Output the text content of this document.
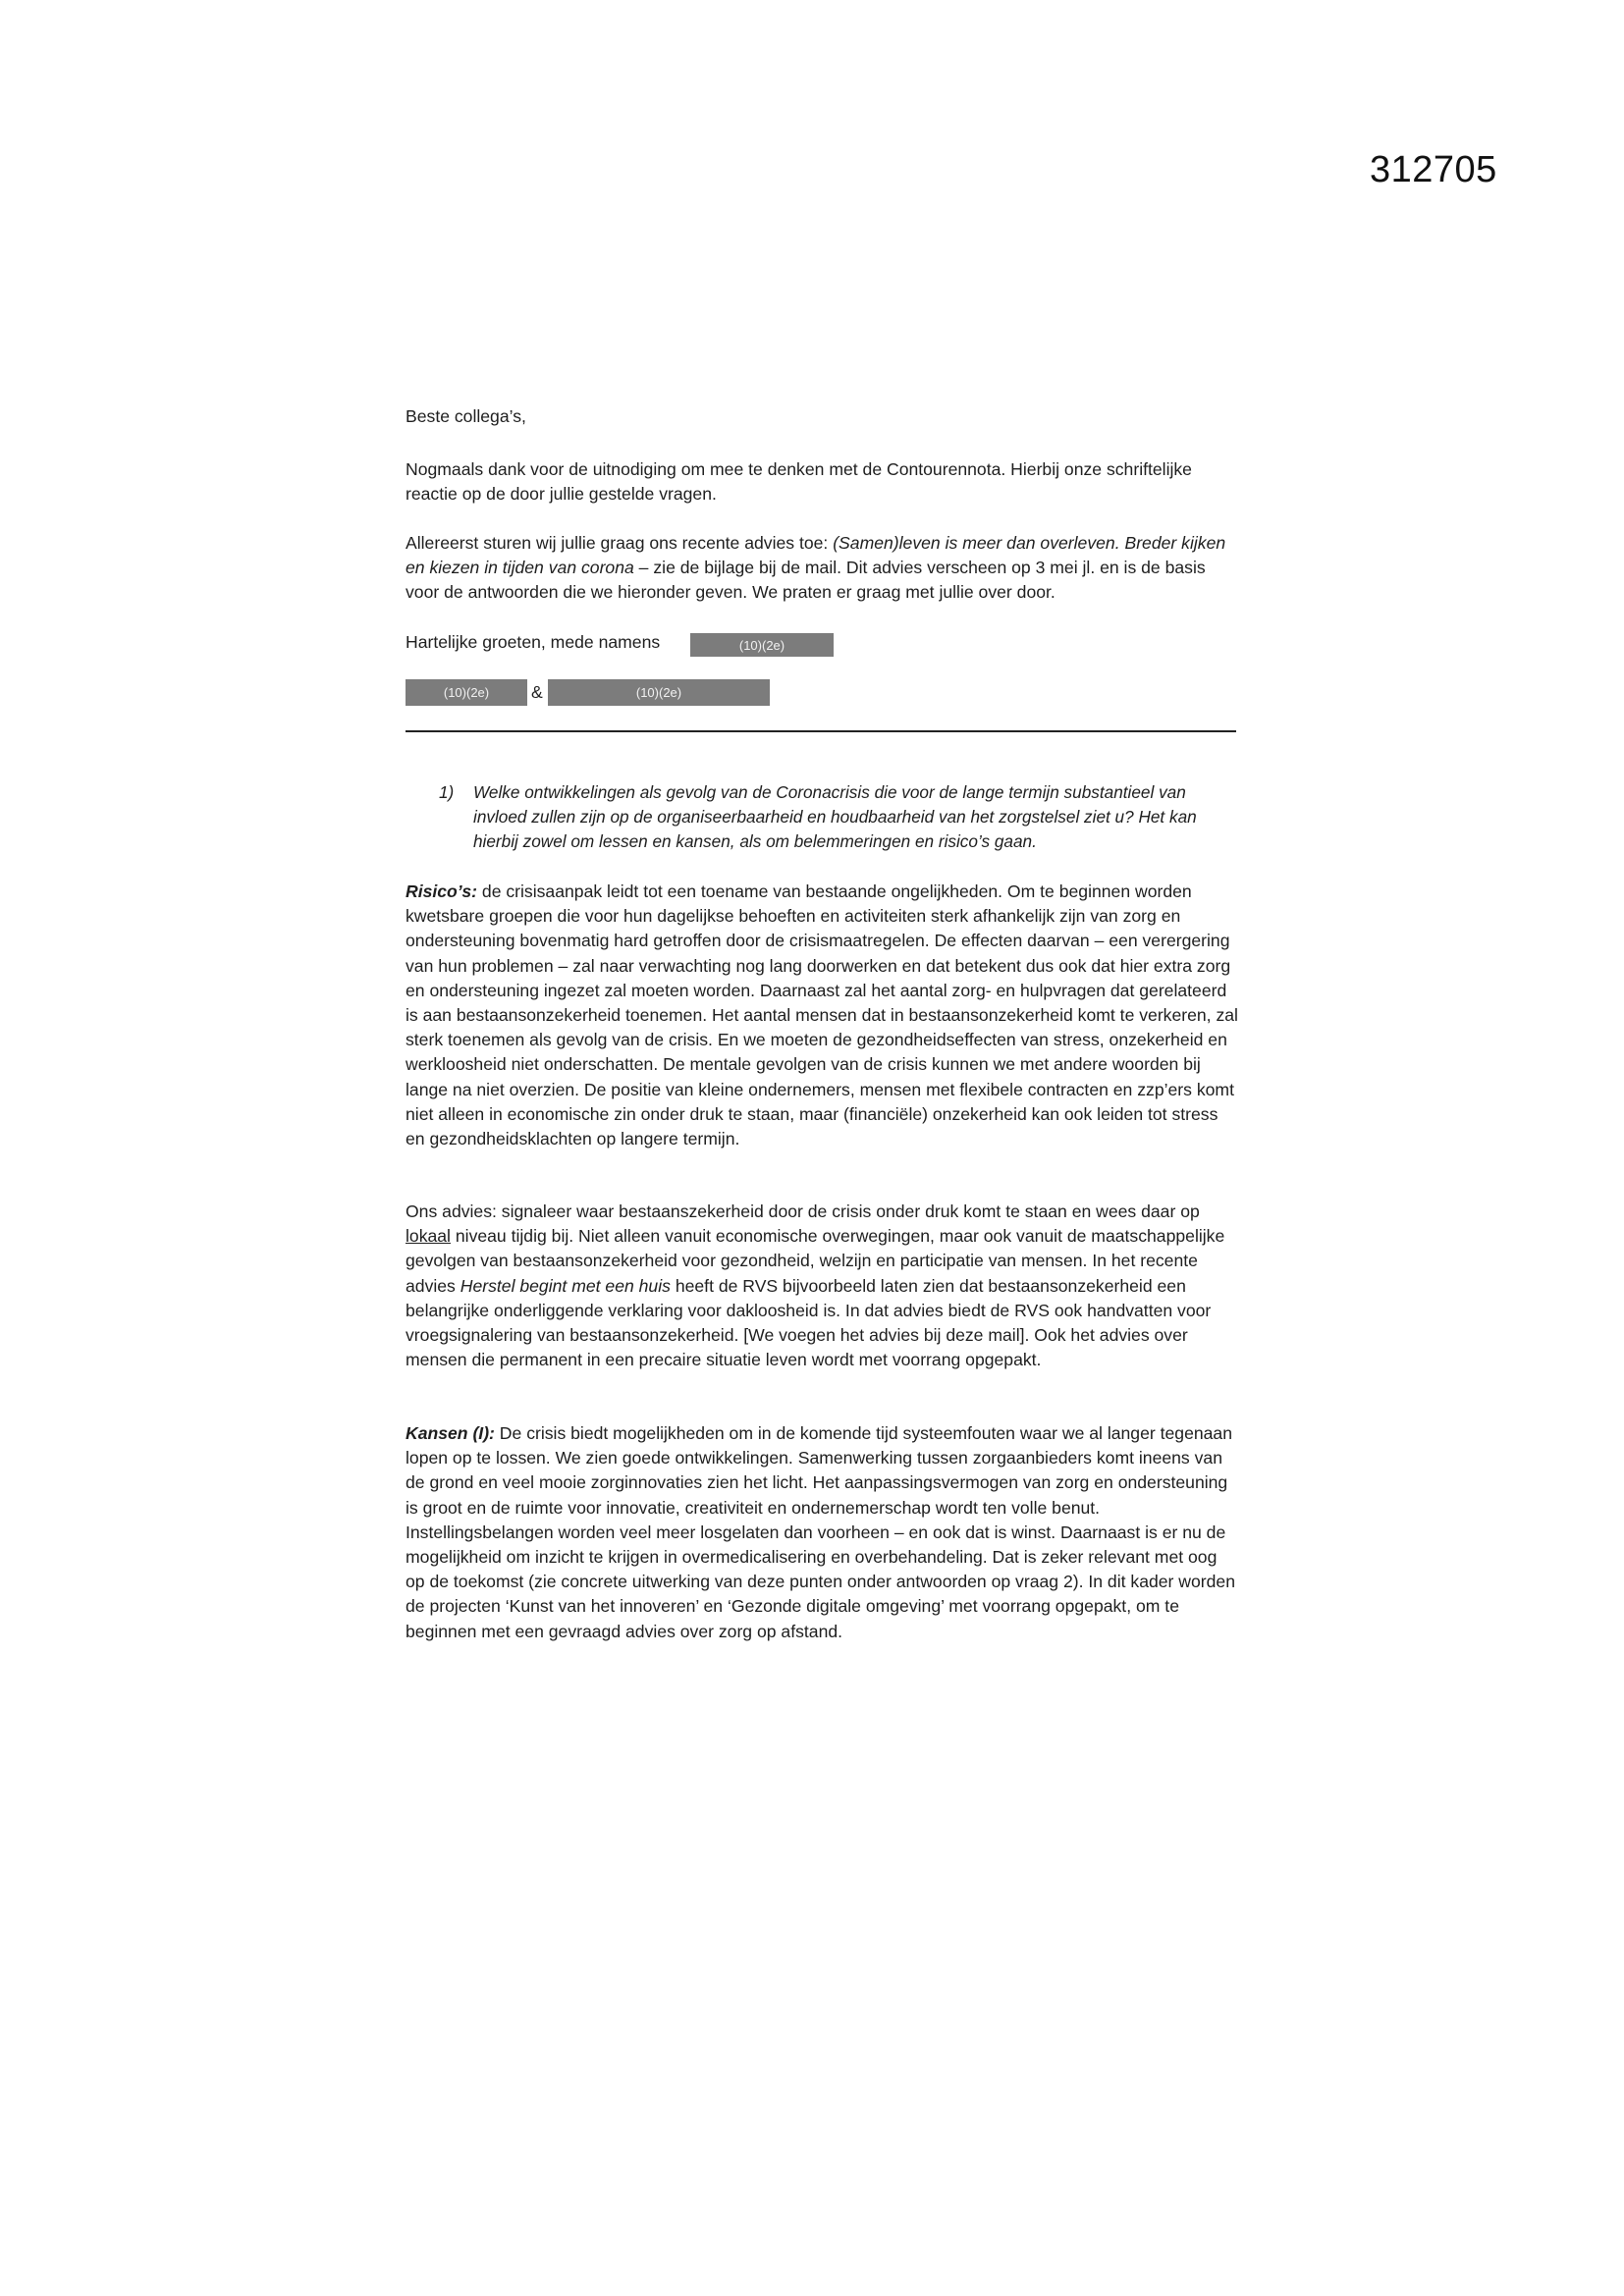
312705

Beste collega’s,

Nogmaals dank voor de uitnodiging om mee te denken met de Contourennota. Hierbij onze schriftelijke reactie op de door jullie gestelde vragen.

Allereerst sturen wij jullie graag ons recente advies toe: (Samen)leven is meer dan overleven. Breder kijken en kiezen in tijden van corona – zie de bijlage bij de mail. Dit advies verscheen op 3 mei jl. en is de basis voor de antwoorden die we hieronder geven. We praten er graag met jullie over door.

Hartelijke groeten, mede namens	(10)(2e)
(10)(2e)	&	(10)(2e)
1)	Welke ontwikkelingen als gevolg van de Coronacrisis die voor de lange termijn substantieel van invloed zullen zijn op de organiseerbaarheid en houdbaarheid van het zorgstelsel ziet u? Het kan hierbij zowel om lessen en kansen, als om belemmeringen en risico’s gaan.

Risico’s: de crisisaanpak leidt tot een toename van bestaande ongelijkheden. Om te beginnen worden kwetsbare groepen die voor hun dagelijkse behoeften en activiteiten sterk afhankelijk zijn van zorg en ondersteuning bovenmatig hard getroffen door de crisismaatregelen. De effecten daarvan – een verergering van hun problemen – zal naar verwachting nog lang doorwerken en dat betekent dus ook dat hier extra zorg en ondersteuning ingezet zal moeten worden. Daarnaast zal het aantal zorg- en hulpvragen dat gerelateerd is aan bestaansonzekerheid toenemen. Het aantal mensen dat in bestaansonzekerheid komt te verkeren, zal sterk toenemen als gevolg van de crisis. En we moeten de gezondheidseffecten van stress, onzekerheid en werkloosheid niet onderschatten. De mentale gevolgen van de crisis kunnen we met andere woorden bij lange na niet overzien. De positie van kleine ondernemers, mensen met flexibele contracten en zzp’ers komt niet alleen in economische zin onder druk te staan, maar (financiële) onzekerheid kan ook leiden tot stress en gezondheidsklachten op langere termijn.

Ons advies: signaleer waar bestaanszekerheid door de crisis onder druk komt te staan en wees daar op lokaal niveau tijdig bij. Niet alleen vanuit economische overwegingen, maar ook vanuit de maatschappelijke gevolgen van bestaansonzekerheid voor gezondheid, welzijn en participatie van mensen. In het recente advies Herstel begint met een huis heeft de RVS bijvoorbeeld laten zien dat bestaansonzekerheid een belangrijke onderliggende verklaring voor dakloosheid is. In dat advies biedt de RVS ook handvatten voor vroegsignalering van bestaansonzekerheid. [We voegen het advies bij deze mail]. Ook het advies over mensen die permanent in een precaire situatie leven wordt met voorrang opgepakt.

Kansen (I): De crisis biedt mogelijkheden om in de komende tijd systeemfouten waar we al langer tegenaan lopen op te lossen. We zien goede ontwikkelingen. Samenwerking tussen zorgaanbieders komt ineens van de grond en veel mooie zorginnovaties zien het licht. Het aanpassingsvermogen van zorg en ondersteuning is groot en de ruimte voor innovatie, creativiteit en ondernemerschap wordt ten volle benut. Instellingsbelangen worden veel meer losgelaten dan voorheen – en ook dat is winst. Daarnaast is er nu de mogelijkheid om inzicht te krijgen in overmedicalisering en overbehandeling. Dat is zeker relevant met oog op de toekomst (zie concrete uitwerking van deze punten onder antwoorden op vraag 2). In dit kader worden de projecten ‘Kunst van het innoveren’ en ‘Gezonde digitale omgeving’ met voorrang opgepakt, om te beginnen met een gevraagd advies over zorg op afstand.
